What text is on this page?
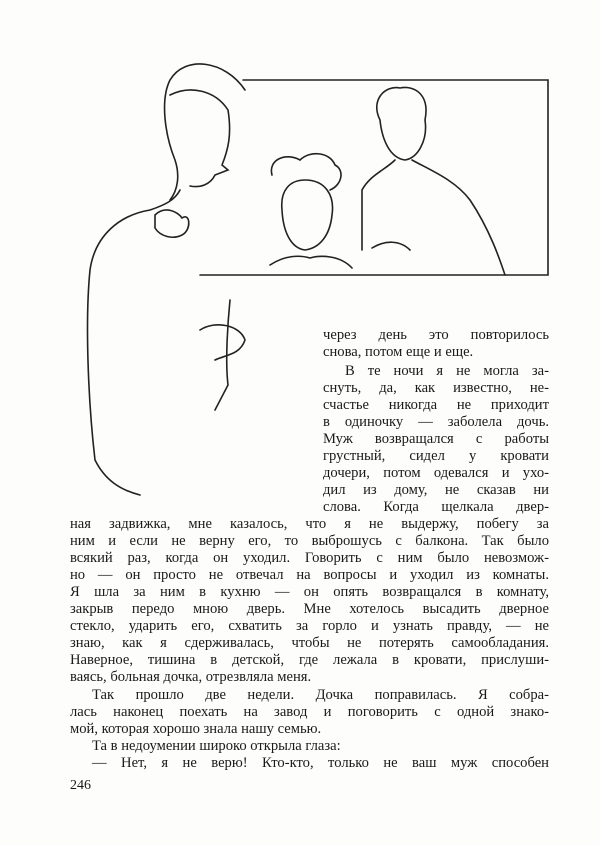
через день это повторилось
снова, потом еще и еще.
В те ночи я не могла за-
снуть, да, как известно, не-
счастье никогда не приходит
в одиночку — заболела дочь.
Муж возвращался с работы
грустный, сидел у кровати
дочери, потом одевался и ухо-
дил из дому, не сказав ни
слова. Когда щелкала двер-
ная задвижка, мне казалось, что я не выдержу, побегу за
ним и если не верну его, то выброшусь с балкона. Так было
всякий раз, когда он уходил. Говорить с ним было невозмож-
но — он просто не отвечал на вопросы и уходил из комнаты.
Я шла за ним в кухню — он опять возвращался в комнату,
закрыв передо мною дверь. Мне хотелось высадить дверное
стекло, ударить его, схватить за горло и узнать правду, — не
знаю, как я сдерживалась, чтобы не потерять самообладания.
Наверное, тишина в детской, где лежала в кровати, прислуши-
ваясь, больная дочка, отрезвляла меня.
Так прошло две недели. Дочка поправилась. Я собра-
лась наконец поехать на завод и поговорить с одной знако-
мой, которая хорошо знала нашу семью.
Та в недоумении широко открыла глаза:
— Нет, я не верю! Кто-кто, только не ваш муж способен
246
